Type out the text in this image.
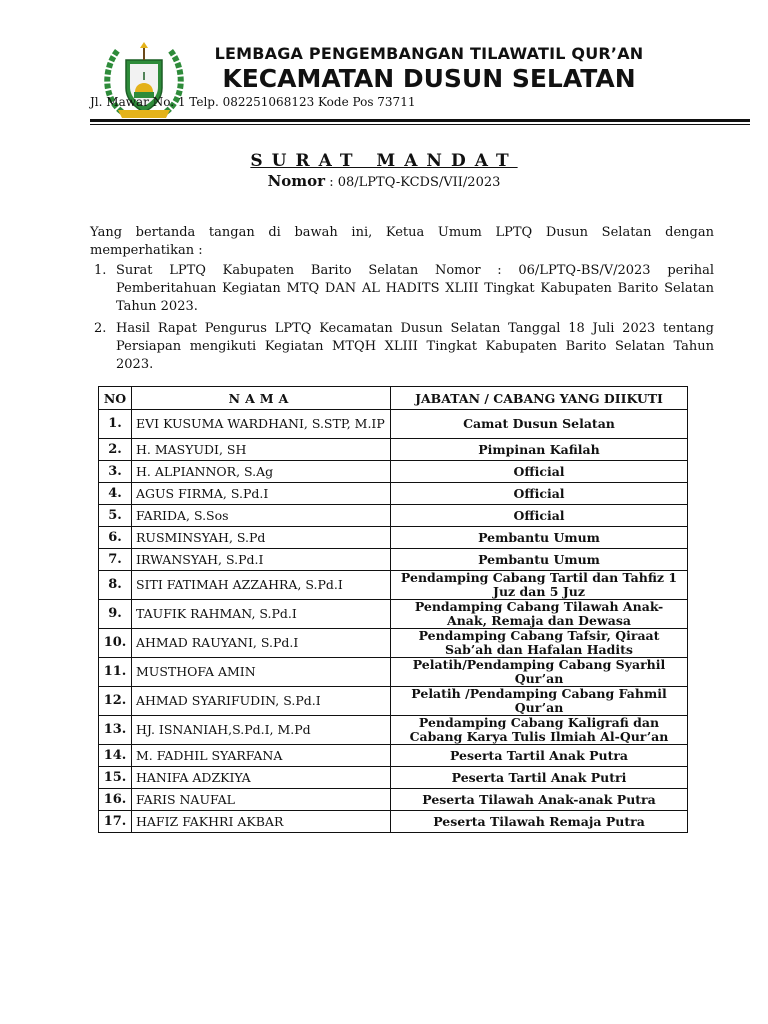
LEMBAGA PENGEMBANGAN TILAWATIL QUR’AN
KECAMATAN DUSUN SELATAN
Jl. Mawar No. 1 Telp. 082251068123 Kode Pos 73711
SURAT MANDAT
Nomor : 08/LPTQ-KCDS/VII/2023
Yang bertanda tangan di bawah ini, Ketua Umum LPTQ Dusun Selatan dengan memperhatikan :
1. Surat LPTQ Kabupaten Barito Selatan Nomor : 06/LPTQ-BS/V/2023 perihal Pemberitahuan Kegiatan MTQ DAN AL HADITS XLIII Tingkat Kabupaten Barito Selatan Tahun 2023.
2. Hasil Rapat Pengurus LPTQ Kecamatan Dusun Selatan Tanggal 18 Juli 2023 tentang Persiapan mengikuti Kegiatan MTQH XLIII Tingkat Kabupaten Barito Selatan Tahun 2023.
NO	NAMA	JABATAN / CABANG YANG DIIKUTI
1.	EVI KUSUMA WARDHANI, S.STP, M.IP	Camat Dusun Selatan
2.	H. MASYUDI, SH	Pimpinan Kafilah
3.	H. ALPIANNOR, S.Ag	Official
4.	AGUS FIRMA, S.Pd.I	Official
5.	FARIDA, S.Sos	Official
6.	RUSMINSYAH, S.Pd	Pembantu Umum
7.	IRWANSYAH, S.Pd.I	Pembantu Umum
8.	SITI FATIMAH AZZAHRA, S.Pd.I	Pendamping Cabang Tartil dan Tahfiz 1 Juz dan 5 Juz
9.	TAUFIK RAHMAN, S.Pd.I	Pendamping Cabang Tilawah Anak-Anak, Remaja dan Dewasa
10.	AHMAD RAUYANI, S.Pd.I	Pendamping Cabang Tafsir, Qiraat Sab’ah dan Hafalan Hadits
11.	MUSTHOFA AMIN	Pelatih/Pendamping Cabang Syarhil Qur’an
12.	AHMAD SYARIFUDIN, S.Pd.I	Pelatih /Pendamping Cabang Fahmil Qur’an
13.	HJ. ISNANIAH,S.Pd.I, M.Pd	Pendamping Cabang Kaligrafi dan Cabang Karya Tulis Ilmiah Al-Qur’an
14.	M. FADHIL SYARFANA	Peserta Tartil Anak Putra
15.	HANIFA ADZKIYA	Peserta Tartil Anak Putri
16.	FARIS NAUFAL	Peserta Tilawah Anak-anak Putra
17.	HAFIZ FAKHRI AKBAR	Peserta Tilawah Remaja Putra
